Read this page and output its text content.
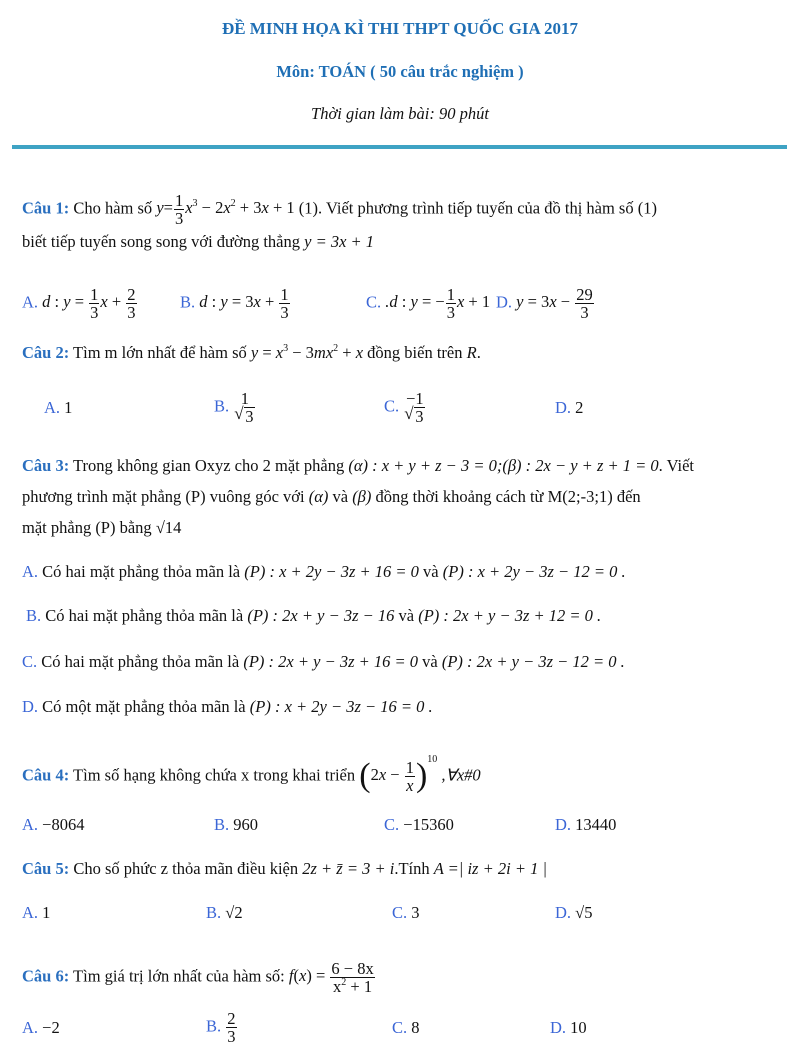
ĐỀ MINH HỌA KÌ THI THPT QUỐC GIA 2017
Môn: TOÁN ( 50 câu trắc nghiệm )
Thời gian làm bài: 90 phút
Câu 1: Cho hàm số $y= \frac{1}{3} x^3 - 2x^2 + 3x + 1$ (1). Viết phương trình tiếp tuyến của đồ thị hàm số (1)
biết tiếp tuyến song song với đường thẳng y = 3x + 1
A. d : $y = \frac{1}{3}$ $x + \frac{2}{3}$	B. d : $y = 3x + \frac{1}{3}$	C. .d : y = − $\frac{1}{3}$ x + 1 D. $y = 3x - \frac{29}{3}$
Câu 2: Tìm m lớn nhất để hàm số $y = x^3 - 3mx^2 + x$ đồng biến trên R.
A. 1	B. 1
√ 3
C. −1
√ 3	D. 2
Câu 3: Trong không gian Oxyz cho 2 mặt phẳng (α) : x + y + z − 3 = 0;(β) : 2x − y + z + 1 = 0. Viết
phương trình mặt phẳng (P) vuông góc với (α) và (β) đồng thời khoảng cách từ M(2;-3;1) đến
mặt phẳng (P) bằng √14
A. Có hai mặt phẳng thỏa mãn là (P) : x + 2y − 3z + 16 = 0 và (P) : x + 2y − 3z − 12 = 0 .
B. Có hai mặt phẳng thỏa mãn là (P) : 2x + y − 3z − 16 và (P) : 2x + y − 3z + 12 = 0 .
C. Có hai mặt phẳng thỏa mãn là (P) : 2x + y − 3z + 16 = 0 và (P) : 2x + y − 3z − 12 = 0 .
D. Có một mặt phẳng thỏa mãn là (P) : x + 2y − 3z − 16 = 0 .
Câu 4: Tìm số hạng không chứa x trong khai triển $(2x - \frac{1}{x} )^{10}$ ,∀x#0
A. −8064	B. 960	C. −15360	D. 13440
Câu 5: Cho số phức z thỏa mãn điều kiện 2z + z̄ = 3 + i.Tính A =| iz + 2i + 1 |
A. 1	B. √2	C. 3	D. √5
Câu 6: Tìm giá trị lớn nhất của hàm số: $f(x) = \frac{6 - 8x}{x^2 + 1}$
A. −2	B. $\frac{2}{3}$	C. 8	D. 10
